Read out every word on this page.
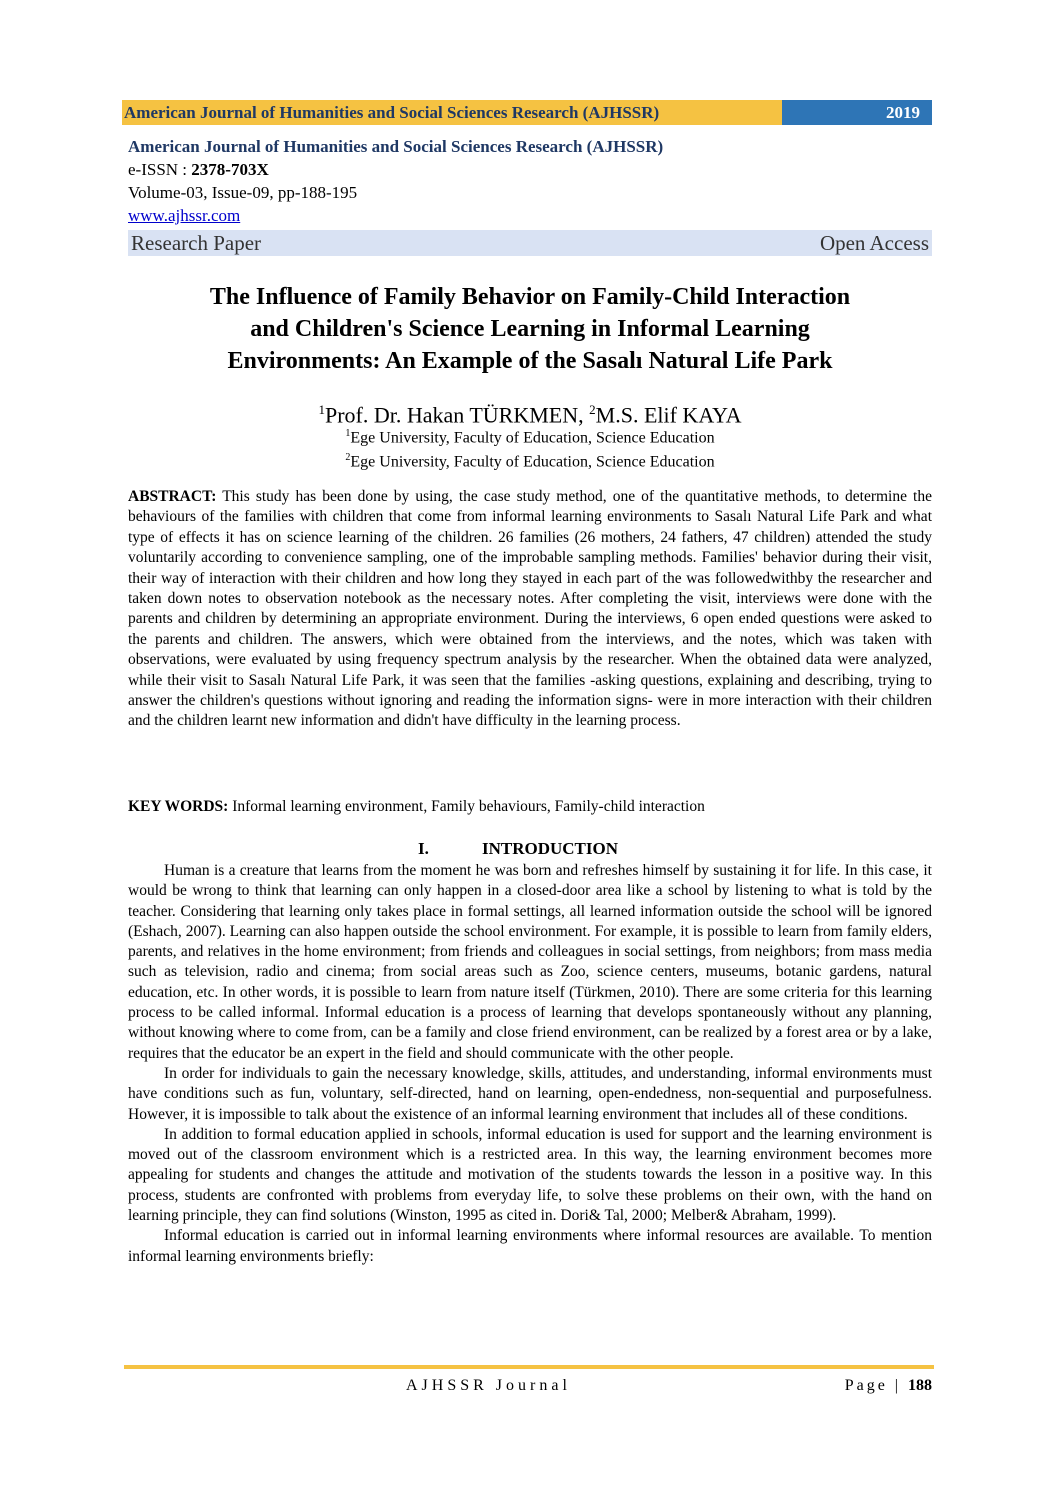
American Journal of Humanities and Social Sciences Research (AJHSSR)	2019
American Journal of Humanities and Social Sciences Research (AJHSSR)
e-ISSN : 2378-703X
Volume-03, Issue-09, pp-188-195
www.ajhssr.com
Research Paper	Open Access
The Influence of Family Behavior on Family-Child Interaction
and Children's Science Learning in Informal Learning
Environments: An Example of the Sasalı Natural Life Park
$^1$Prof. Dr. Hakan TÜRKMEN, $^2$M.S. Elif KAYA
$^1$Ege University, Faculty of Education, Science Education
$^2$Ege University, Faculty of Education, Science Education
ABSTRACT: This study has been done by using, the case study method, one of the quantitative methods, to determine the behaviours of the families with children that come from informal learning environments to Sasalı Natural Life Park and what type of effects it has on science learning of the children. 26 families (26 mothers, 24 fathers, 47 children) attended the study voluntarily according to convenience sampling, one of the improbable sampling methods. Families' behavior during their visit, their way of interaction with their children and how long they stayed in each part of the was followedwithby the researcher and taken down notes to observation notebook as the necessary notes. After completing the visit, interviews were done with the parents and children by determining an appropriate environment. During the interviews, 6 open ended questions were asked to the parents and children. The answers, which were obtained from the interviews, and the notes, which was taken with observations, were evaluated by using frequency spectrum analysis by the researcher. When the obtained data were analyzed, while their visit to Sasalı Natural Life Park, it was seen that the families -asking questions, explaining and describing, trying to answer the children's questions without ignoring and reading the information signs- were in more interaction with their children and the children learnt new information and didn't have difficulty in the learning process.
KEY WORDS: Informal learning environment, Family behaviours, Family-child interaction
I.	INTRODUCTION

Human is a creature that learns from the moment he was born and refreshes himself by sustaining it for life. In this case, it would be wrong to think that learning can only happen in a closed-door area like a school by listening to what is told by the teacher. Considering that learning only takes place in formal settings, all learned information outside the school will be ignored (Eshach, 2007). Learning can also happen outside the school environment. For example, it is possible to learn from family elders, parents, and relatives in the home environment; from friends and colleagues in social settings, from neighbors; from mass media such as television, radio and cinema; from social areas such as Zoo, science centers, museums, botanic gardens, natural education, etc. In other words, it is possible to learn from nature itself (Türkmen, 2010). There are some criteria for this learning process to be called informal. Informal education is a process of learning that develops spontaneously without any planning, without knowing where to come from, can be a family and close friend environment, can be realized by a forest area or by a lake, requires that the educator be an expert in the field and should communicate with the other people.

In order for individuals to gain the necessary knowledge, skills, attitudes, and understanding, informal environments must have conditions such as fun, voluntary, self-directed, hand on learning, open-endedness, non-sequential and purposefulness. However, it is impossible to talk about the existence of an informal learning environment that includes all of these conditions.

In addition to formal education applied in schools, informal education is used for support and the learning environment is moved out of the classroom environment which is a restricted area. In this way, the learning environment becomes more appealing for students and changes the attitude and motivation of the students towards the lesson in a positive way. In this process, students are confronted with problems from everyday life, to solve these problems on their own, with the hand on learning principle, they can find solutions (Winston, 1995 as cited in. Dori& Tal, 2000; Melber& Abraham, 1999).

Informal education is carried out in informal learning environments where informal resources are available. To mention informal learning environments briefly:

AJHSSR Journal	Page | 188
